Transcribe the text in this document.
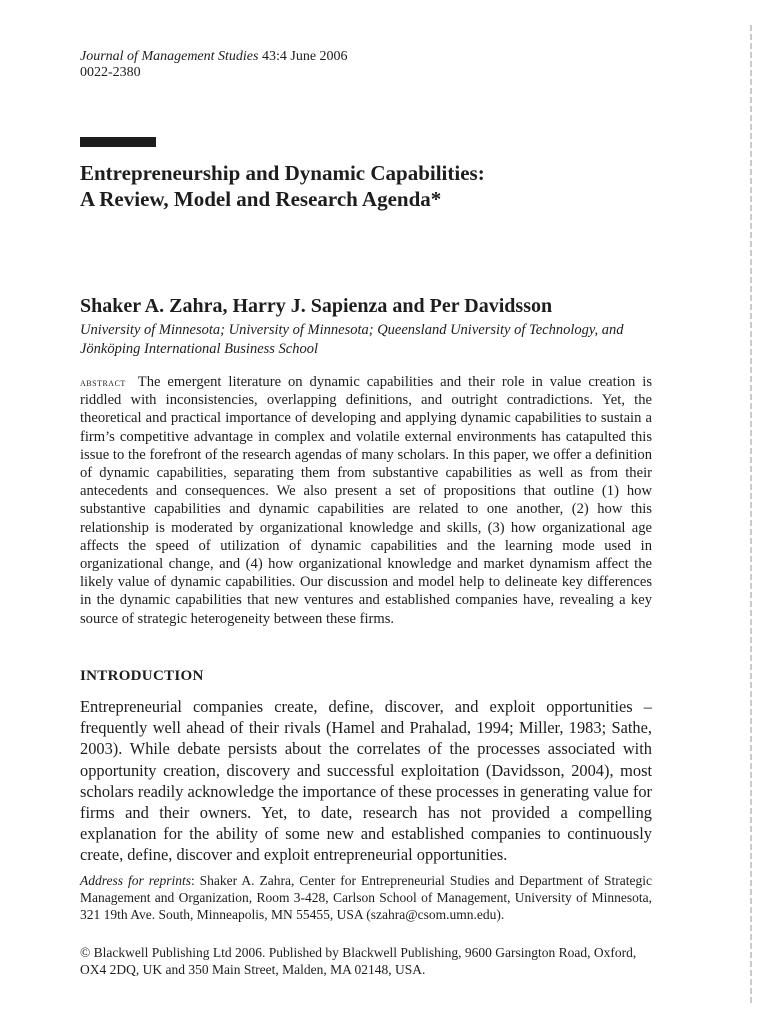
Journal of Management Studies 43:4 June 2006
0022-2380
Entrepreneurship and Dynamic Capabilities:
A Review, Model and Research Agenda*
Shaker A. Zahra, Harry J. Sapienza and Per Davidsson
University of Minnesota; University of Minnesota; Queensland University of Technology, and
Jönköping International Business School
abstract The emergent literature on dynamic capabilities and their role in value creation is riddled with inconsistencies, overlapping definitions, and outright contradictions. Yet, the theoretical and practical importance of developing and applying dynamic capabilities to sustain a firm’s competitive advantage in complex and volatile external environments has catapulted this issue to the forefront of the research agendas of many scholars. In this paper, we offer a definition of dynamic capabilities, separating them from substantive capabilities as well as from their antecedents and consequences. We also present a set of propositions that outline (1) how substantive capabilities and dynamic capabilities are related to one another, (2) how this relationship is moderated by organizational knowledge and skills, (3) how organizational age affects the speed of utilization of dynamic capabilities and the learning mode used in organizational change, and (4) how organizational knowledge and market dynamism affect the likely value of dynamic capabilities. Our discussion and model help to delineate key differences in the dynamic capabilities that new ventures and established companies have, revealing a key source of strategic heterogeneity between these firms.
INTRODUCTION

Entrepreneurial companies create, define, discover, and exploit opportunities – frequently well ahead of their rivals (Hamel and Prahalad, 1994; Miller, 1983; Sathe, 2003). While debate persists about the correlates of the processes associated with opportunity creation, discovery and successful exploitation (Davidsson, 2004), most scholars readily acknowledge the importance of these processes in generating value for firms and their owners. Yet, to date, research has not provided a compelling explanation for the ability of some new and established companies to continuously create, define, discover and exploit entrepreneurial opportunities.

Address for reprints: Shaker A. Zahra, Center for Entrepreneurial Studies and Department of Strategic Management and Organization, Room 3-428, Carlson School of Management, University of Minnesota, 321 19th Ave. South, Minneapolis, MN 55455, USA (szahra@csom.umn.edu).
© Blackwell Publishing Ltd 2006. Published by Blackwell Publishing, 9600 Garsington Road, Oxford, OX4 2DQ, UK and 350 Main Street, Malden, MA 02148, USA.
